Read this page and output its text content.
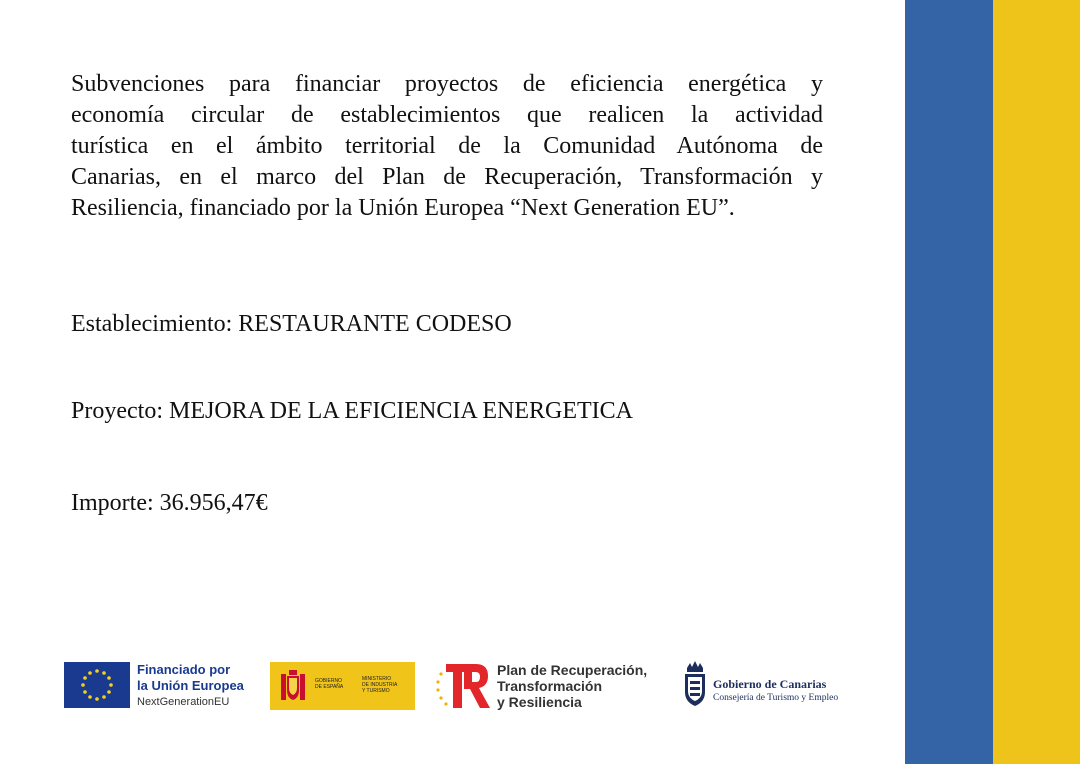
Subvenciones para financiar proyectos de eficiencia energética y
economía circular de establecimientos que realicen la actividad
turística en el ámbito territorial de la Comunidad Autónoma de
Canarias, en el marco del Plan de Recuperación, Transformación y
Resiliencia, financiado por la Unión Europea “Next Generation EU”.

Establecimiento: RESTAURANTE CODESO

Proyecto: MEJORA DE LA EFICIENCIA ENERGETICA

Importe: 36.956,47€

Financiado por
la Unión Europea
NextGenerationEU
GOBIERNO
DE ESPAÑA
MINISTERIO
DE INDUSTRIA
Y TURISMO
Plan de Recuperación,
Transformación
y Resiliencia
Gobierno de Canarias
Consejería de Turismo y Empleo
